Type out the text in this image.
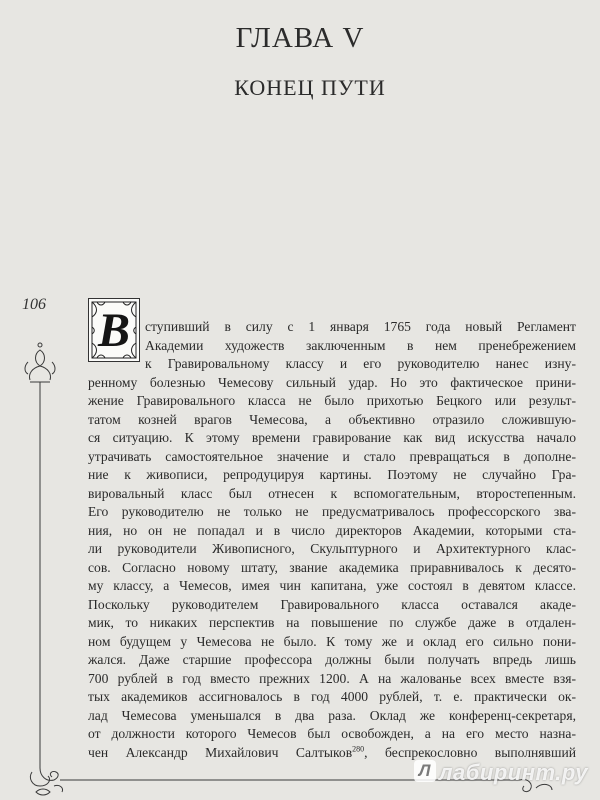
ГЛАВА V
КОНЕЦ ПУТИ
106 В	ступивший в силу с 1 января 1765 года новый Регламент
Академии художеств заключенным в нем пренебрежением
к Гравировальному классу и его руководителю нанес изну-
ренному болезнью Чемесову сильный удар. Но это фактическое прини-
жение Гравировального класса не было прихотью Бецкого или результ-
татом козней врагов Чемесова, а объективно отразило сложившую-
ся ситуацию. К этому времени гравирование как вид искусства начало
утрачивать самостоятельное значение и стало превращаться в дополне-
ние к живописи, репродуцируя картины. Поэтому не случайно Гра-
вировальный класс был отнесен к вспомогательным, второстепенным.
Его руководителю не только не предусматривалось профессорского зва-
ния, но он не попадал и в число директоров Академии, которыми ста-
ли руководители Живописного, Скульптурного и Архитектурного клас-
сов. Согласно новому штату, звание академика приравнивалось к десято-
му классу, а Чемесов, имея чин капитана, уже состоял в девятом классе.
Поскольку руководителем Гравировального класса оставался акаде-
мик, то никаких перспектив на повышение по службе даже в отдален-
ном будущем у Чемесова не было. К тому же и оклад его сильно пони-
жался. Даже старшие профессора должны были получать впредь лишь
700 рублей в год вместо прежних 1200. А на жалованье всех вместе взя-
тых академиков ассигновалось в год 4000 рублей, т. е. практически ок-
лад Чемесова уменьшался в два раза. Оклад же конференц-секретаря,
от должности которого Чемесов был освобожден, а на его место назна-
чен Александр Михайлович Салтыков$^{280}$, беспрекословно выполнявший
Л лабиринт.ру
